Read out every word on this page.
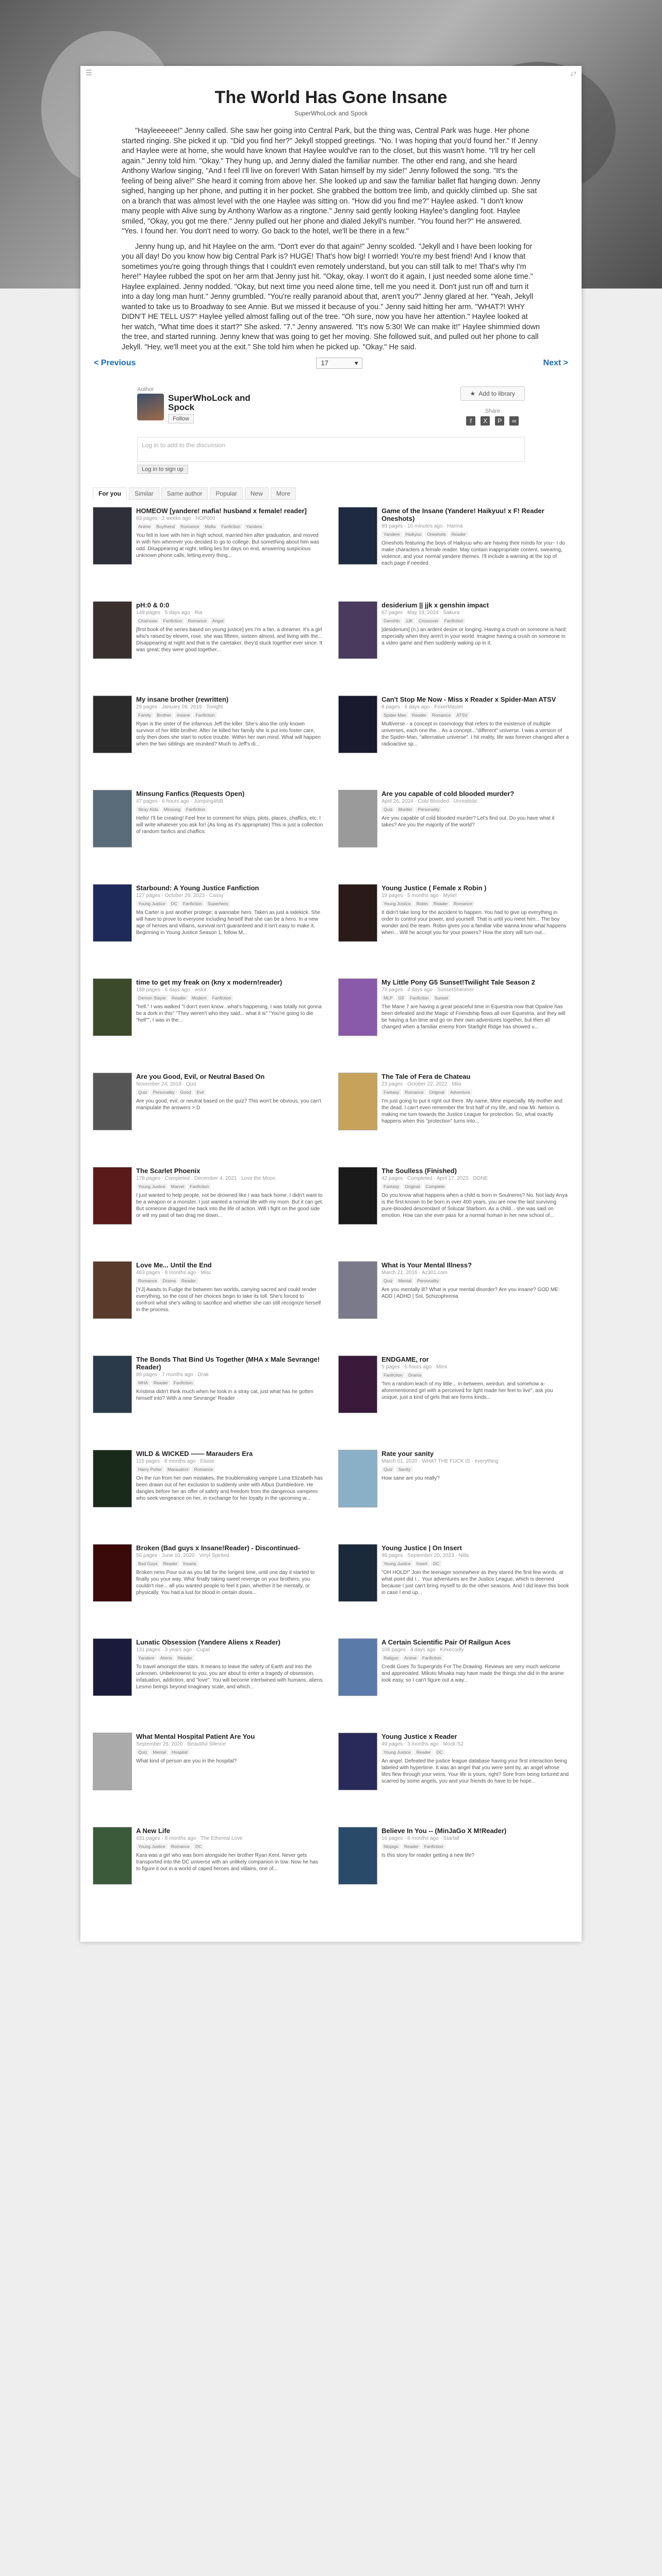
☰	⥂
The World Has Gone Insane
SuperWhoLock and Spock

"Hayleeeeee!" Jenny called. She saw her going into Central Park, but the thing was, Central Park was huge. Her phone started ringing. She picked it up. "Did you find her?" Jekyll stopped greetings. "No. I was hoping that you'd found her." If Jenny and Haylee were at home, she would have known that Haylee would've ran to the closet, but this wasn't home. "I'll try her cell again." Jenny told him. "Okay." They hung up, and Jenny dialed the familiar number. The other end rang, and she heard Anthony Warlow singing, "And I feel I'll live on forever! With Satan himself by my side!" Jenny followed the song. "It's the feeling of being alive!" She heard it coming from above her. She looked up and saw the familiar ballet flat hanging down. Jenny sighed, hanging up her phone, and putting it in her pocket. She grabbed the bottom tree limb, and quickly climbed up. She sat on a branch that was almost level with the one Haylee was sitting on. "How did you find me?" Haylee asked. "I don't know many people with Alive sung by Anthony Warlow as a ringtone." Jenny said gently looking Haylee's dangling foot. Haylee smiled, "Okay, you got me there." Jenny pulled out her phone and dialed Jekyll's number. "You found her?" He answered. "Yes. I found her. You don't need to worry. Go back to the hotel, we'll be there in a few."

Jenny hung up, and hit Haylee on the arm. "Don't ever do that again!" Jenny scolded. "Jekyll and I have been looking for you all day! Do you know how big Central Park is? HUGE! That's how big! I worried! You're my best friend! And I know that sometimes you're going through things that I couldn't even remotely understand, but you can still talk to me! That's why I'm here!" Haylee rubbed the spot on her arm that Jenny just hit. "Okay, okay. I won't do it again, I just needed some alone time." Haylee explained. Jenny nodded. "Okay, but next time you need alone time, tell me you need it. Don't just run off and turn it into a day long man hunt." Jenny grumbled. "You're really paranoid about that, aren't you?" Jenny glared at her. "Yeah, Jekyll wanted to take us to Broadway to see Annie. But we missed it because of you." Jenny said hitting her arm. "WHAT?! WHY DIDN'T HE TELL US?" Haylee yelled almost falling out of the tree. "Oh sure, now you have her attention." Haylee looked at her watch, "What time does it start?" She asked. "7." Jenny answered. "It's now 5:30! We can make it!" Haylee shimmied down the tree, and started running. Jenny knew that was going to get her moving. She followed suit, and pulled out her phone to call Jekyll. "Hey, we'll meet you at the exit." She told him when he picked up. "Okay." He said.

< Previous	17	▾	Next >
Author
SuperWhoLock and Spock
Follow
★ Add to library
Share
f	X	P	∞
Log in to add to the discussion
Log in to sign up
For you	Similar	Same author	Popular	New	More
HOMEOW [yandere! mafia! husband x female! reader]
83 pages · 2 weeks ago · HOP000
Anime	Boyfriend	Romance	Mafia	Fanfiction	Yandere
You fell in love with him in high school, married him after graduation, and moved in with him wherever you decided to go to college. But something about him was odd. Disappearing at night, telling lies for days on end, answering suspicious unknown phone calls, letting every thing...
Game of the Insane (Yandere! Haikyuu! x F! Reader Oneshots)
89 pages · 10 minutes ago · Harma
Yandere	Haikyuu	Oneshots	Reader
Oneshots featuring the boys of Haikyuu who are having their minds for you~ I do make characters a female reader. May contain inappropriate content, swearing, violence, and your normal yandere themes. I'll include a warning at the top of each page if needed.
pH:0 & 0:0
148 pages · 5 days ago · Ria
Chainsaw	Fanfiction	Romance	Angst
[first book of the series based on young justice] yes I'm a fan, a dreamer. It's a girl who's raised by eleven, rose, she was fifteen, sixteen almost, and living with the... Disappearing at night and that is the caretaker, they'd stuck together ever since. It was great; they were good together...
desiderium || jjk x genshin impact
67 pages · May 19, 2024 · Sakura
Genshin	JJK	Crossover	Fanfiction
[desiderium] (n.) an ardent desire or longing. Having a crush on someone is hard; especially when they aren't in your world. Imagine having a crush on someone in a video game and then suddenly waking up in it.
My insane brother (rewritten)
29 pages · January 09, 2019 · Tonight
Family	Brother	Insane	Fanfiction
Ryan is the sister of the infamous Jeff the killer. She's also the only known survivor of her little brother. After he killed her family she is put into foster care, only then does she start to notice trouble. Within her own mind. What will happen when the two siblings are reunited? Much to Jeff's di...
Can't Stop Me Now - Miss x Reader x Spider-Man ATSV
8 pages · 6 days ago · FoxerMaster
Spider-Man	Reader	Romance	ATSV
Multiverse - a concept in cosmology that refers to the existence of multiple universes, each one the... As a concept..."different" universe. I was a version of the Spider-Man, "alternative universe". I hit reality, life was forever changed after a radioactive sp...
Minsung Fanfics (Requests Open)
47 pages · 6 hours ago · Jumping4NB
Stray Kids	Minsung	Fanfiction
Hello! I'll be creating! Feel free to comment for ships, plots, places, chaffics, etc. I will write whatever you ask for! (As long as it's appropriate) This is just a collection of random fanfics and chaffics.
Are you capable of cold blooded murder?
April 26, 2024 · Cold Blooded · Unrealistic
Quiz	Murder	Personality
Are you capable of cold blooded murder? Let's find out. Do you have what it takes? Are you the majority of the world?
Starbound: A Young Justice Fanfiction
127 pages · October 29, 2023 · Cassy
Young Justice	DC	Fanfiction	Superhero
Ma Carter is just another protege; a wannabe hero. Taken as just a sidekick. She will have to prove to everyone including herself that she can be a hero. In a new age of heroes and villains, survival isn't guaranteed and it isn't easy to make it. Beginning in Young Justice Season 1, follow M...
Young Justice ( Female x Robin )
19 pages · 5 months ago · Mytiel
Young Justice	Robin	Reader	Romance
It didn't take long for the accident to happen. You had to give up everything in order to control your power, and yourself. That is until you meet him... The boy wonder and the team. Robin gives you a familiar vibe wanna know what happens when... Will he accept you for your powers? How the story will turn out...
time to get my freak on (kny x modern!reader)
188 pages · 6 days ago · wslot
Demon Slayer	Reader	Modern	Fanfiction
"hell." I was walked "I don't even know...what's happening, I was totally not gonna be a dork in this" "They weren't who they said... what it is" "You're going to die "hell"", I was in the...
My Little Pony G5 Sunset!Twilight Tale Season 2
79 pages · 4 days ago · SunsetShimmer
MLP	G5	Fanfiction	Sunset
The Mane 7 are having a great peaceful time in Equestria now that Opaline has been defeated and the Magic of Friendship flows all over Equestria, and they will be having a fun time and go on their own adventures together, but then all changed when a familiar enemy from Starlight Ridge has showed u...
Are you Good, Evil, or Neutral Based On
November 24, 2018 · Quiz
Quiz	Personality	Good	Evil
Are you good, evil, or neutral based on the quiz? This won't be obvious, you can't manipulate the answers >:D
The Tale of Fera de Chateau
23 pages · October 22, 2022 · Mila
Fantasy	Romance	Original	Adventure
I'm just going to put it right out there. My name, Mine especially. My mother and the dead. I can't even remember the first half of my life, and now Mr. Nelson is making me turn towards the Justice League for protection. So, what exactly happens when this "protection" turns into...
The Scarlet Phoenix
178 pages · Completed · December 4, 2021 · Love the Moon
Young Justice	Marvel	Fanfiction
I just wanted to help people, not be drowned like I was back home. I didn't want to be a weapon or a monster. I just wanted a normal life with my mom. But it can get. But someone dragged me back into the life of action. Will I fight on the good side or will my past of two drag me down...
The Soulless (Finished)
42 pages · Completed · April 17, 2023 · DONE
Fantasy	Original	Complete
Do you know what happens when a child is born in Soulneres? No. Not lady Anya is the first known to be born in over 400 years, you are now the last surviving pure-blooded descendant of Soluzar Starborn. As a child... she was said on emotion. How can she ever pass for a normal human in her new school of...
Love Me... Until the End
463 pages · 8 months ago · Misc
Romance	Drama	Reader
[YJ] Awaits to Fudge the between two worlds, carrying sacred and could render everything, so the cost of her choices begin to take its toll. She's forced to confront what she's willing to sacrifice and whether she can still recognize herself in the process.
What is Your Mental Illness?
March 21, 2016 · Az301.com
Quiz	Mental	Personality
Are you mentally ill? What is your mental disorder? Are you insane? GOD ME: ADD | ADHD | Sol, Schizophrenia
The Bonds That Bind Us Together (MHA x Male Sevrange! Reader)
89 pages · 7 months ago · Drak
MHA	Reader	Fanfiction
Kristima didn't think much when he took in a stray cat, just what has he gotten himself into? With a new Sevrange' Reader
ENDGAME, ror
5 pages · 6 hours ago · Mimi
Fanfiction	Drama
"hm a random leach of my little... in-between, weirdun, and somehow a-aforementioned girl with a perceived for light made her feel to live", ask you unique, just a kind of girls that are forms kinds...
WILD & WICKED ―― Marauders Era
115 pages · 8 months ago · Eloise
Harry Potter	Marauders	Romance
On the run from her own mistakes, the troublemaking vampire Luna Elizabeth has been drawn out of her exclusion to suddenly unite with Albus Dumbledore. He dangles before her an offer of safety and freedom from the dangerous vampires who seek vengeance on her, in exchange for her loyalty in the upcoming w...
Rate your sanity
March 01, 2020 · WHAT THE FUCK IS · everything
Quiz	Sanity
How sane are you really?
Broken (Bad guys x Insane!Reader) - Discontinued-
56 pages · June 10, 2020 · Vinyl Spirited
Bad Guys	Reader	Insane
Broken:ness Pour out as you fall for the longest time, until one day it started to finally you your way. Wha' finally taking sweet revenge on your brothers, you couldn't rise... all you wanted people to feel it pain, whether it be mentally, or physically. You had a lust for blood in certain doses...
Young Justice | On Insert
89 pages · September 20, 2023 · Nilla
Young Justice	Insert	DC
"OH HOLD!" Join the teenager somewhere as they stared the first few words, at what point did I... Your adventures are the Justice League, which is deemed because I just can't bring myself to do the other seasons. And I did leave this book in case I end up...
Lunatic Obsession (Yandere Aliens x Reader)
131 pages · 3 years ago · Cupid
Yandere	Aliens	Reader
To travel amongst the stars. It means to leave the safety of Earth and into the unknown. Unbeknownst to you, you are about to enter a tragedy of obsession, infatuation, addiction, and "love". You will become intertwined with humans, aliens. Lesmo beings beyond imaginary scale, and which...
A Certain Scientific Pair Of Railgun Aces
106 pages · 4 days ago · Kirkecodly
Railgun	Anime	Fanfiction
Credit Goes To Supergrids For The Drawing. Reviews are very much welcome and appreciated. Mikoto Misaka may have made the things she did in the anime look easy, so I can't figure out a way...
What Mental Hospital Patient Are You
September 26, 2020 · Beautiful Silence
Quiz	Mental	Hospital
What kind of person are you in the hospital?
Young Justice x Reader
49 pages · 3 months ago · Mock-SJ
Young Justice	Reader	DC
An angel. Defeated the justice league database having your first interaction being labeled with hypertime. It was an angel that you were sent by, an angel whose lifes flew through your veins. Your life is yours, right? Sore from being tortured and scarred by some angels, you and your friends do have to be hope...
A New Life
431 pages · 8 months ago · The Ethereal Love
Young Justice	Romance	DC
Kara was a girl who was born alongside her brother Ryan Kent. Never gets transported into the DC universe with an unlikely companion in tow. Now he has to figure it out in a world of caped heroes and villains, one of...
Believe In You -- (MinJaGo X M!Reader)
16 pages · 8 months ago · Starfall
Ninjago	Reader	Fanfiction
Is this story for reader getting a new life?
